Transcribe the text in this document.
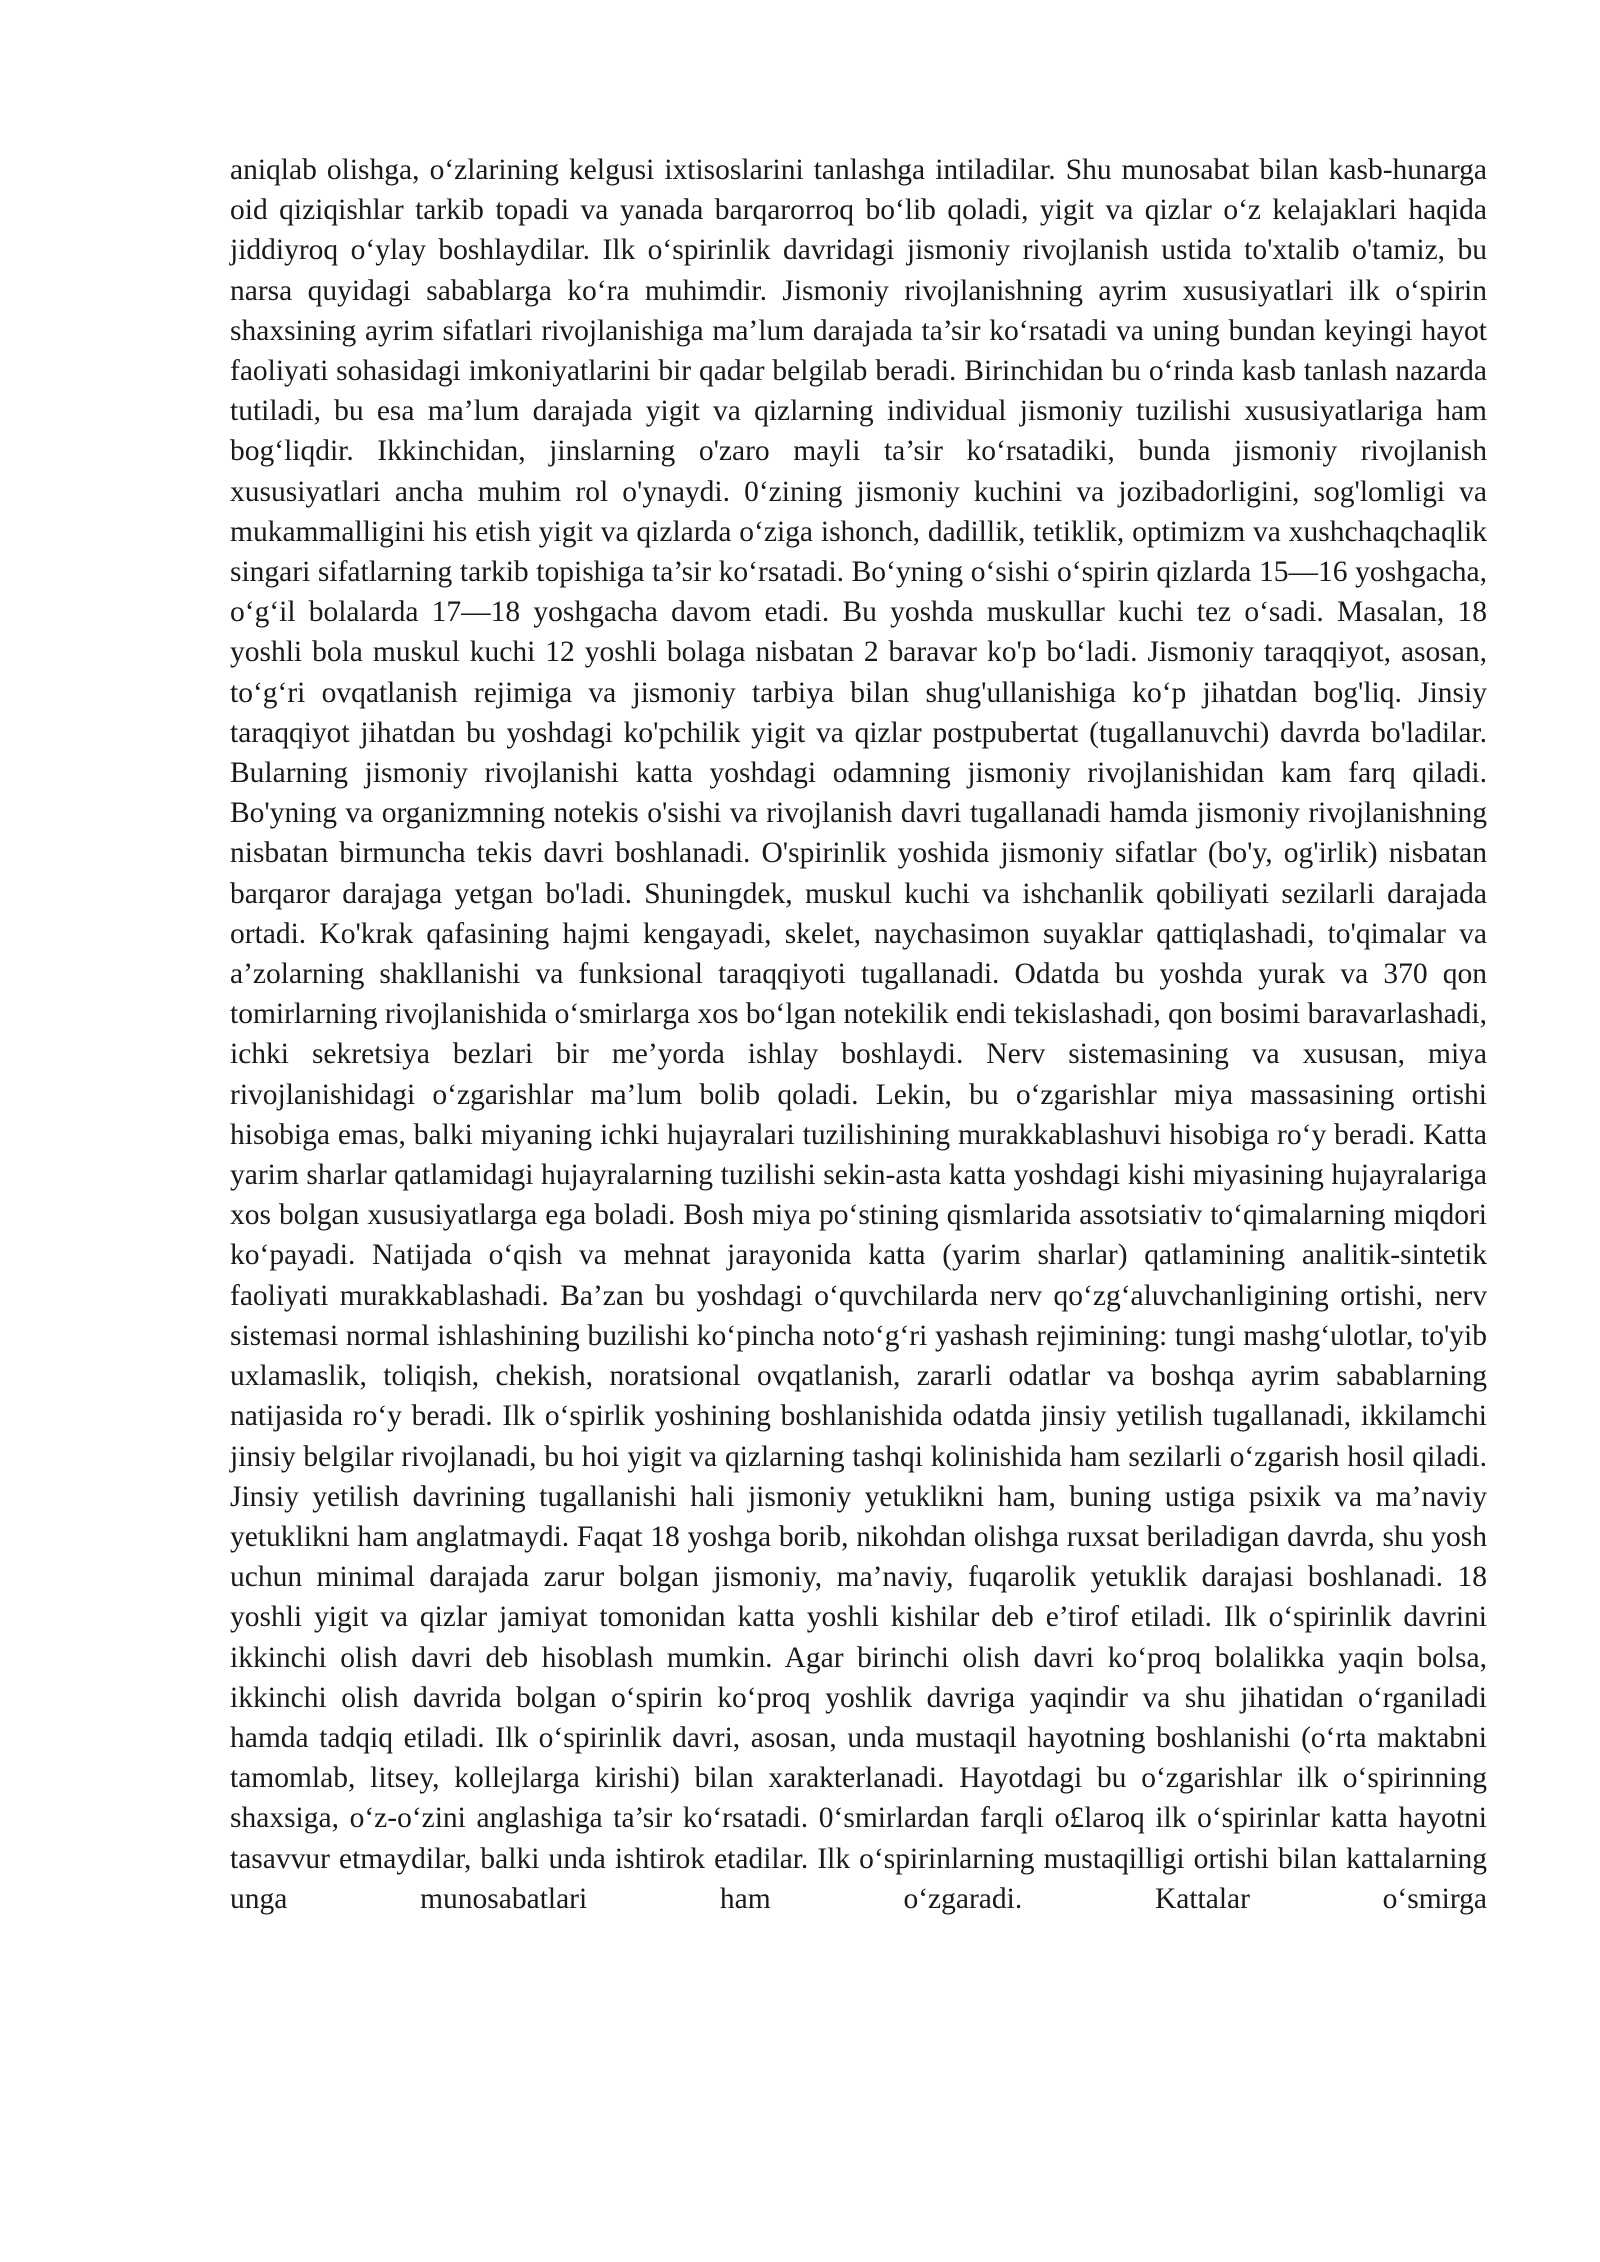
aniqlab olishga, o‘zlarining kelgusi ixtisoslarini tanlashga intiladilar. Shu munosabat bilan kasb-hunarga oid qiziqishlar tarkib topadi va yanada barqarorroq bo‘lib qoladi, yigit va qizlar o‘z kelajaklari haqida jiddiyroq o‘ylay boshlaydilar. Ilk o‘spirinlik davridagi jismoniy rivojlanish ustida to'xtalib o'tamiz, bu narsa quyidagi sabablarga ko‘ra muhimdir. Jismoniy rivojlanishning ayrim xususiyatlari ilk o‘spirin shaxsining ayrim sifatlari rivojlanishiga ma’lum darajada ta’sir ko‘rsatadi va uning bundan keyingi hayot faoliyati sohasidagi imkoniyatlarini bir qadar belgilab beradi. Birinchidan bu o‘rinda kasb tanlash nazarda tutiladi, bu esa ma’lum darajada yigit va qizlarning individual jismoniy tuzilishi xususiyatlariga ham bog‘liqdir. Ikkinchidan, jinslarning o'zaro mayli ta’sir ko‘rsatadiki, bunda jismoniy rivojlanish xususiyatlari ancha muhim rol o'ynaydi. 0‘zining jismoniy kuchini va jozibadorligini, sog'lomligi va mukammalligini his etish yigit va qizlarda o‘ziga ishonch, dadillik, tetiklik, optimizm va xushchaqchaqlik singari sifatlarning tarkib topishiga ta’sir ko‘rsatadi. Bo‘yning o‘sishi o‘spirin qizlarda 15—16 yoshgacha, o‘g‘il bolalarda 17—18 yoshgacha davom etadi. Bu yoshda muskullar kuchi tez o‘sadi. Masalan, 18 yoshli bola muskul kuchi 12 yoshli bolaga nisbatan 2 baravar ko'p bo‘ladi. Jismoniy taraqqiyot, asosan, to‘g‘ri ovqatlanish rejimiga va jismoniy tarbiya bilan shug'ullanishiga ko‘p jihatdan bog'liq. Jinsiy taraqqiyot jihatdan bu yoshdagi ko'pchilik yigit va qizlar postpubertat (tugallanuvchi) davrda bo'ladilar. Bularning jismoniy rivojlanishi katta yoshdagi odamning jismoniy rivojlanishidan kam farq qiladi. Bo'yning va organizmning notekis o'sishi va rivojlanish davri tugallanadi hamda jismoniy rivojlanishning nisbatan birmuncha tekis davri boshlanadi. O'spirinlik yoshida jismoniy sifatlar (bo'y, og'irlik) nisbatan barqaror darajaga yetgan bo'ladi. Shuningdek, muskul kuchi va ishchanlik qobiliyati sezilarli darajada ortadi. Ko'krak qafasining hajmi kengayadi, skelet, naychasimon suyaklar qattiqlashadi, to'qimalar va a’zolarning shakllanishi va funksional taraqqiyoti tugallanadi. Odatda bu yoshda yurak va 370 qon tomirlarning rivojlanishida o‘smirlarga xos bo‘lgan notekilik endi tekislashadi, qon bosimi baravarlashadi, ichki sekretsiya bezlari bir me’yorda ishlay boshlaydi. Nerv sistemasining va xususan, miya rivojlanishidagi o‘zgarishlar ma’lum bolib qoladi. Lekin, bu o‘zgarishlar miya massasining ortishi hisobiga emas, balki miyaning ichki hujayralari tuzilishining murakkablashuvi hisobiga ro‘y beradi. Katta yarim sharlar qatlamidagi hujayralarning tuzilishi sekin-asta katta yoshdagi kishi miyasining hujayralariga xos bolgan xususiyatlarga ega boladi. Bosh miya po‘stining qismlarida assotsiativ to‘qimalarning miqdori ko‘payadi. Natijada o‘qish va mehnat jarayonida katta (yarim sharlar) qatlamining analitik-sintetik faoliyati murakkablashadi. Ba’zan bu yoshdagi o‘quvchilarda nerv qo‘zg‘aluvchanligining ortishi, nerv sistemasi normal ishlashining buzilishi ko‘pincha noto‘g‘ri yashash rejimining: tungi mashg‘ulotlar, to'yib uxlamaslik, toliqish, chekish, noratsional ovqatlanish, zararli odatlar va boshqa ayrim sabablarning natijasida ro‘y beradi. Ilk o‘spirlik yoshining boshlanishida odatda jinsiy yetilish tugallanadi, ikkilamchi jinsiy belgilar rivojlanadi, bu hoi yigit va qizlarning tashqi kolinishida ham sezilarli o‘zgarish hosil qiladi. Jinsiy yetilish davrining tugallanishi hali jismoniy yetuklikni ham, buning ustiga psixik va ma’naviy yetuklikni ham anglatmaydi. Faqat 18 yoshga borib, nikohdan olishga ruxsat beriladigan davrda, shu yosh uchun minimal darajada zarur bolgan jismoniy, ma’naviy, fuqarolik yetuklik darajasi boshlanadi. 18 yoshli yigit va qizlar jamiyat tomonidan katta yoshli kishilar deb e’tirof etiladi. Ilk o‘spirinlik davrini ikkinchi olish davri deb hisoblash mumkin. Agar birinchi olish davri ko‘proq bolalikka yaqin bolsa, ikkinchi olish davrida bolgan o‘spirin ko‘proq yoshlik davriga yaqindir va shu jihatidan o‘rganiladi hamda tadqiq etiladi. Ilk o‘spirinlik davri, asosan, unda mustaqil hayotning boshlanishi (o‘rta maktabni tamomlab, litsey, kollejlarga kirishi) bilan xarakterlanadi. Hayotdagi bu o‘zgarishlar ilk o‘spirinning shaxsiga, o‘z-o‘zini anglashiga ta’sir ko‘rsatadi. 0‘smirlardan farqli o£laroq ilk o‘spirinlar katta hayotni tasavvur etmaydilar, balki unda ishtirok etadilar. Ilk o‘spirinlarning mustaqilligi ortishi bilan kattalarning unga munosabatlari ham o‘zgaradi. Kattalar o‘smirga
